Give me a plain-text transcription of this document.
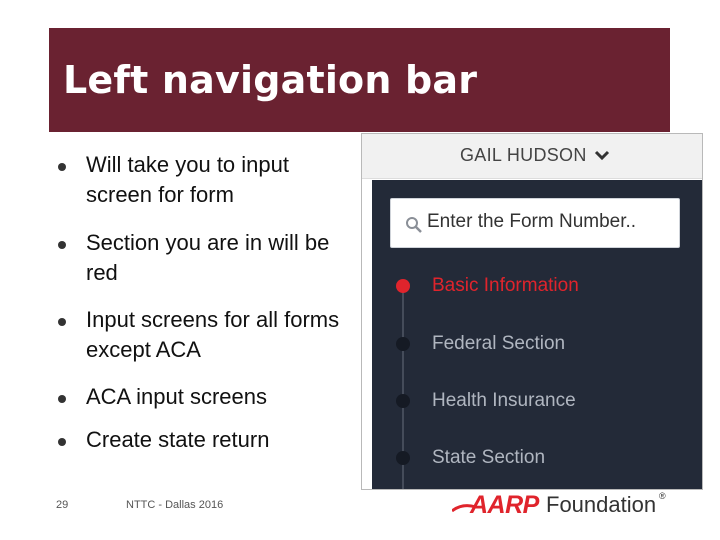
Left navigation bar
Will take you to input screen for form
Section you are in will be red
Input screens for all forms except ACA
ACA input screens
Create state return
GAIL HUDSON
Enter the Form Number..
Basic Information
Federal Section
Health Insurance
State Section
29	NTTC - Dallas 2016	AARP Foundation ®
